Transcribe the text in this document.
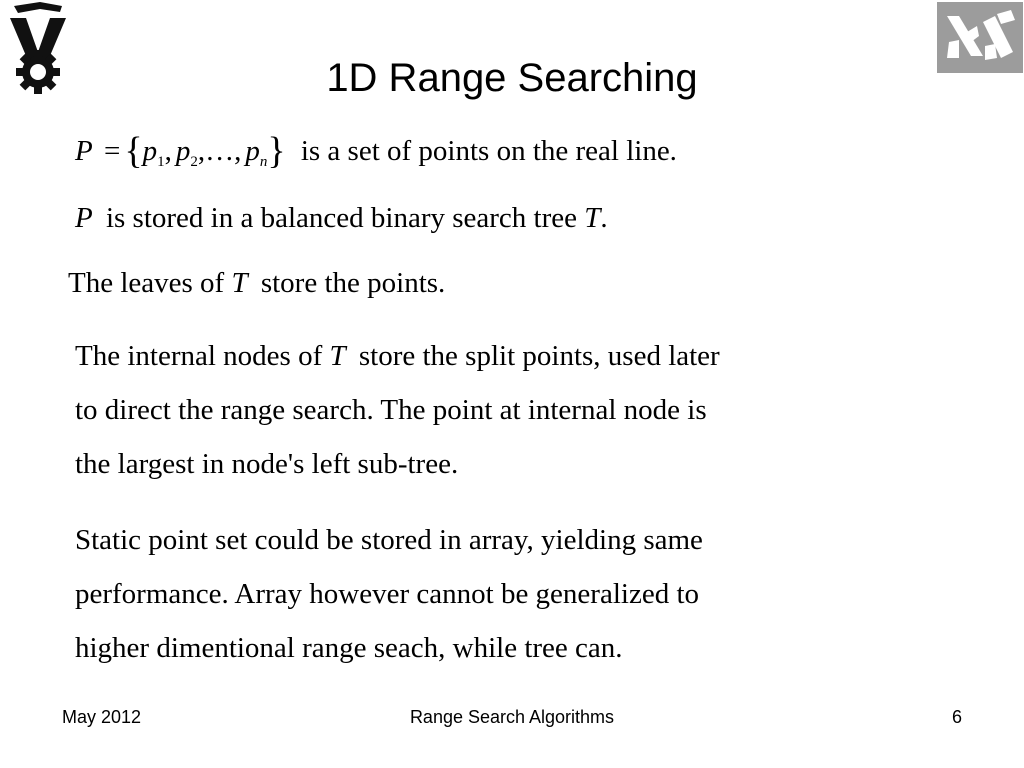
1D Range Searching
$P = \{p_1$, $p_2,\dots$, $p_n$} is a set of points on the real line.
P is stored in a balanced binary search tree T.
The leaves of T store the points.
The internal nodes of T store the split points, used later
to direct the range search. The point at internal node is
the largest in node's left sub-tree.
Static point set could be stored in array, yielding same
performance. Array however cannot be generalized to
higher dimentional range seach, while tree can.
May 2012	Range Search Algorithms	6
